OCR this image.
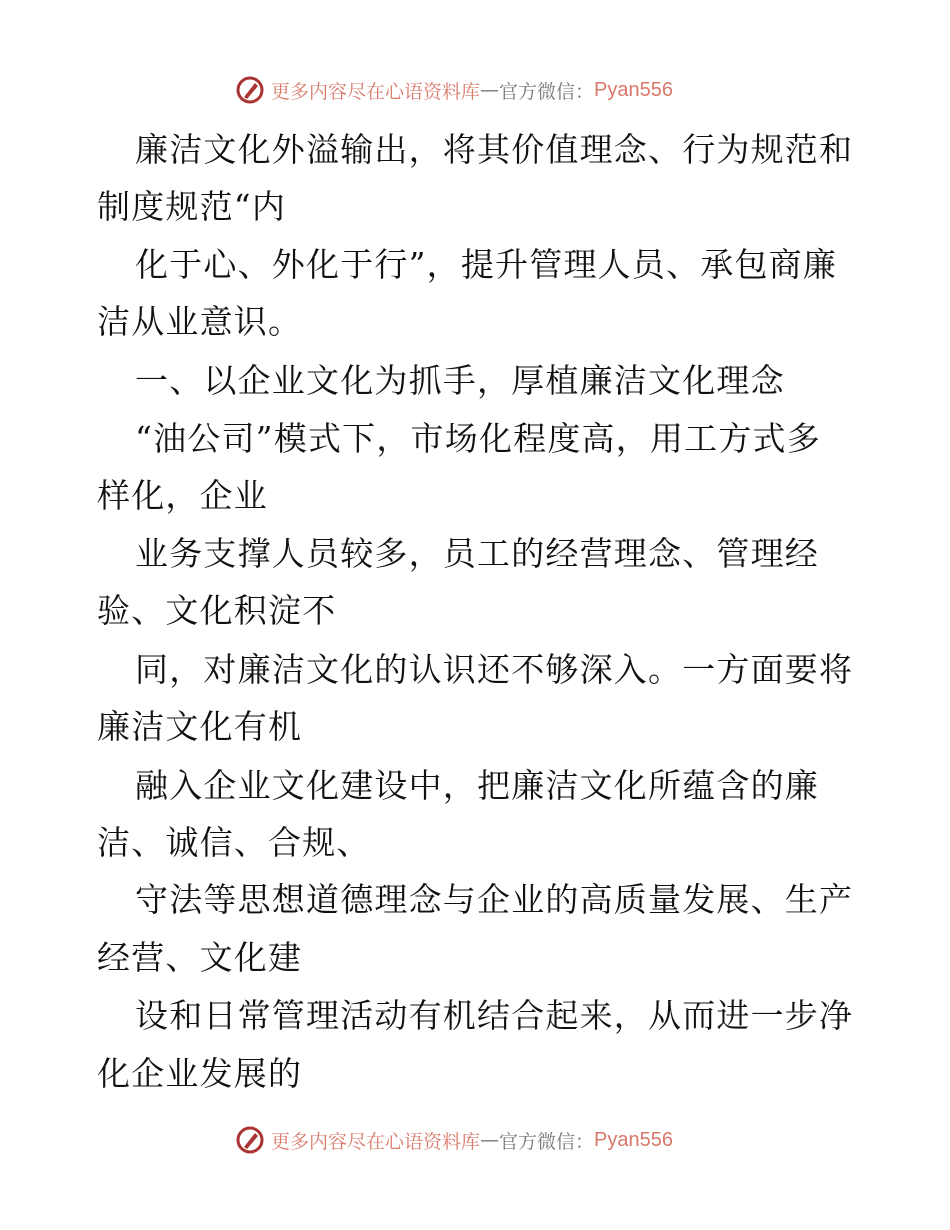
更多内容尽在心语资料库 — 官方微信： Pyan556
廉洁文化外溢输出，将其价值理念、行为规范和
制度规范“内
化于心、外化于行”，提升管理人员、承包商廉
洁从业意识。
一、以企业文化为抓手，厚植廉洁文化理念
“油公司”模式下，市场化程度高，用工方式多
样化，企业
业务支撑人员较多，员工的经营理念、管理经
验、文化积淀不
同，对廉洁文化的认识还不够深入。一方面要将
廉洁文化有机
融入企业文化建设中，把廉洁文化所蕴含的廉
洁、诚信、合规、
守法等思想道德理念与企业的高质量发展、生产
经营、文化建
设和日常管理活动有机结合起来，从而进一步净
化企业发展的
更多内容尽在心语资料库 — 官方微信： Pyan556
